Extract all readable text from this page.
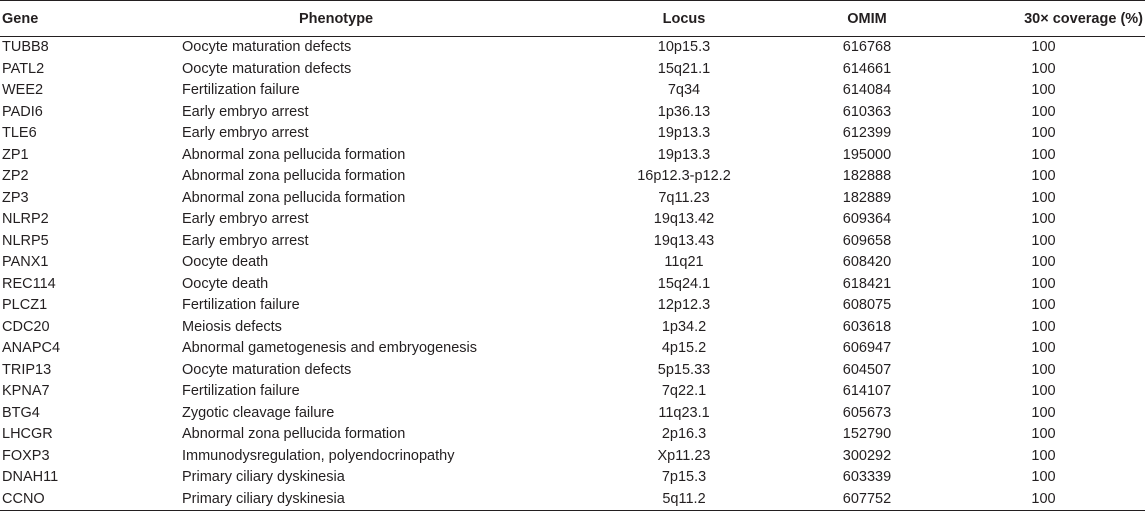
Gene	Phenotype	Locus	OMIM	30× coverage (%)
TUBB8	Oocyte maturation defects	10p15.3	616768	100
PATL2	Oocyte maturation defects	15q21.1	614661	100
WEE2	Fertilization failure	7q34	614084	100
PADI6	Early embryo arrest	1p36.13	610363	100
TLE6	Early embryo arrest	19p13.3	612399	100
ZP1	Abnormal zona pellucida formation	19p13.3	195000	100
ZP2	Abnormal zona pellucida formation	16p12.3-p12.2	182888	100
ZP3	Abnormal zona pellucida formation	7q11.23	182889	100
NLRP2	Early embryo arrest	19q13.42	609364	100
NLRP5	Early embryo arrest	19q13.43	609658	100
PANX1	Oocyte death	11q21	608420	100
REC114	Oocyte death	15q24.1	618421	100
PLCZ1	Fertilization failure	12p12.3	608075	100
CDC20	Meiosis defects	1p34.2	603618	100
ANAPC4	Abnormal gametogenesis and embryogenesis	4p15.2	606947	100
TRIP13	Oocyte maturation defects	5p15.33	604507	100
KPNA7	Fertilization failure	7q22.1	614107	100
BTG4	Zygotic cleavage failure	11q23.1	605673	100
LHCGR	Abnormal zona pellucida formation	2p16.3	152790	100
FOXP3	Immunodysregulation, polyendocrinopathy	Xp11.23	300292	100
DNAH11	Primary ciliary dyskinesia	7p15.3	603339	100
CCNO	Primary ciliary dyskinesia	5q11.2	607752	100
